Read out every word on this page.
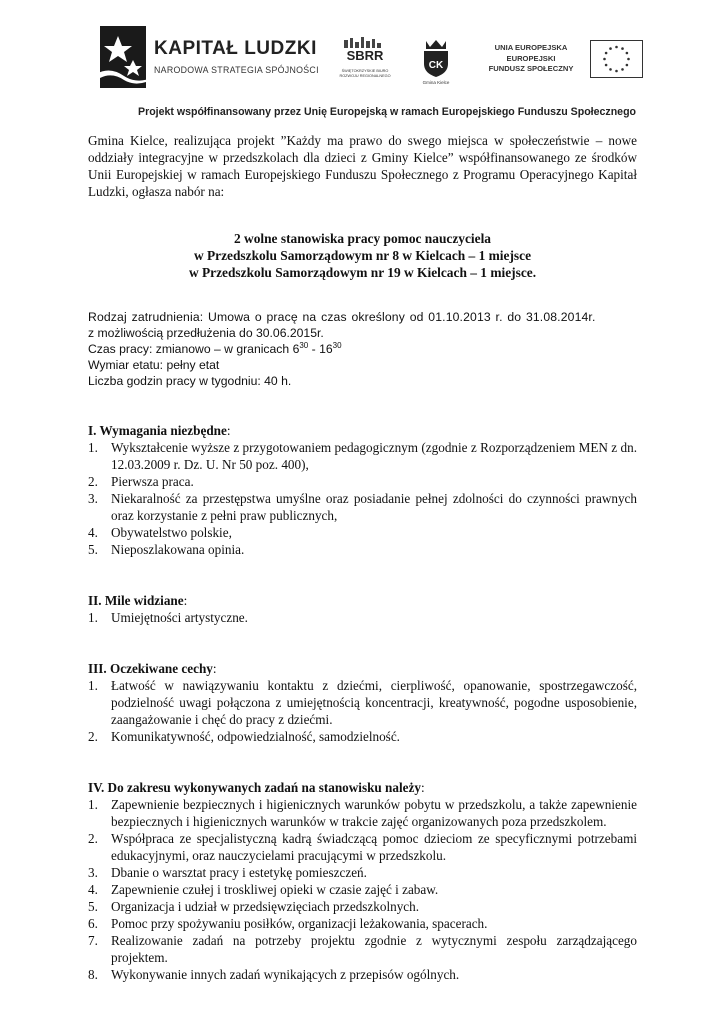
KAPITAŁ LUDZKI
NARODOWA STRATEGIA SPÓJNOŚCI
SBRR
ŚWIĘTOKRZYSKIE BIURO ROZWOJU REGIONALNEGO
CK
Gmina Kielce
UNIA EUROPEJSKA
EUROPEJSKI
FUNDUSZ SPOŁECZNY
Projekt współfinansowany przez Unię Europejską w ramach Europejskiego Funduszu Społecznego

Gmina Kielce, realizująca projekt ”Każdy ma prawo do swego miejsca w społeczeństwie – nowe oddziały integracyjne w przedszkolach dla dzieci z Gminy Kielce” współfinansowanego ze środków Unii Europejskiej w ramach Europejskiego Funduszu Społecznego z Programu Operacyjnego Kapitał Ludzki, ogłasza nabór na:

2 wolne stanowiska pracy pomoc nauczyciela
w Przedszkolu Samorządowym nr 8 w Kielcach – 1 miejsce
w Przedszkolu Samorządowym nr 19 w Kielcach – 1 miejsce.
Rodzaj zatrudnienia: Umowa o pracę na czas określony od 01.10.2013 r. do 31.08.2014r.
z możliwością przedłużenia do 30.06.2015r.
Czas pracy: zmianowo – w granicach $6^{30} - 16^{30}$
Wymiar etatu: pełny etat
Liczba godzin pracy w tygodniu: 40 h.
I. Wymagania niezbędne:
1. Wykształcenie wyższe z przygotowaniem pedagogicznym (zgodnie z Rozporządzeniem MEN z dn. 12.03.2009 r. Dz. U. Nr 50 poz. 400),
2. Pierwsza praca.
3. Niekaralność za przestępstwa umyślne oraz posiadanie pełnej zdolności do czynności prawnych oraz korzystanie z pełni praw publicznych,
4. Obywatelstwo polskie,
5. Nieposzlakowana opinia.
II. Mile widziane:
1. Umiejętności artystyczne.
III. Oczekiwane cechy:
1. Łatwość w nawiązywaniu kontaktu z dziećmi, cierpliwość, opanowanie, spostrzegawczość, podzielność uwagi połączona z umiejętnością koncentracji, kreatywność, pogodne usposobienie, zaangażowanie i chęć do pracy z dziećmi.
2. Komunikatywność, odpowiedzialność, samodzielność.
IV. Do zakresu wykonywanych zadań na stanowisku należy:
1. Zapewnienie bezpiecznych i higienicznych warunków pobytu w przedszkolu, a także zapewnienie bezpiecznych i higienicznych warunków w trakcie zajęć organizowanych poza przedszkolem.
2. Współpraca ze specjalistyczną kadrą świadczącą pomoc dzieciom ze specyficznymi potrzebami edukacyjnymi, oraz nauczycielami pracującymi w przedszkolu.
3. Dbanie o warsztat pracy i estetykę pomieszczeń.
4. Zapewnienie czułej i troskliwej opieki w czasie zajęć i zabaw.
5. Organizacja i udział w przedsięwzięciach przedszkolnych.
6. Pomoc przy spożywaniu posiłków, organizacji leżakowania, spacerach.
7. Realizowanie zadań na potrzeby projektu zgodnie z wytycznymi zespołu zarządzającego projektem.
8. Wykonywanie innych zadań wynikających z przepisów ogólnych.
